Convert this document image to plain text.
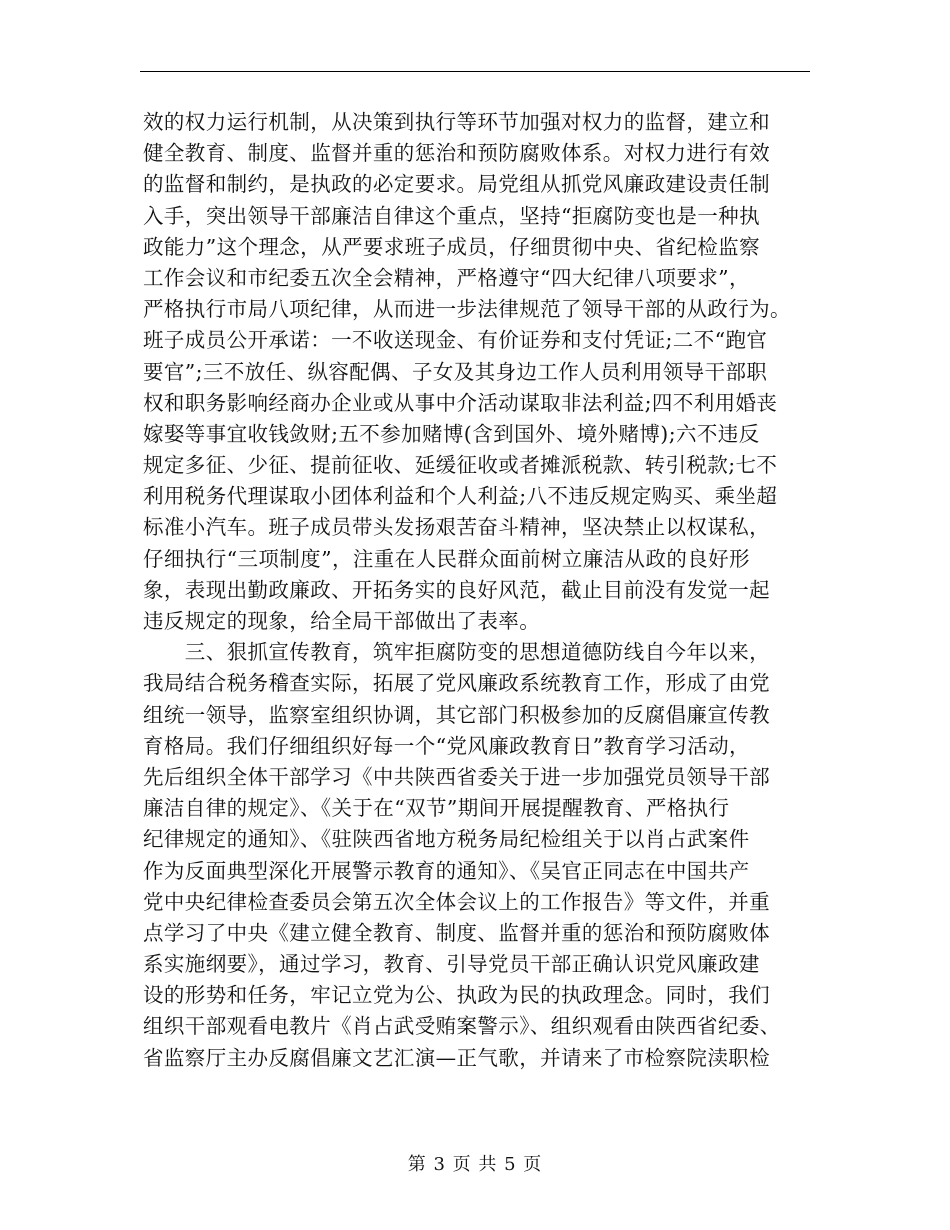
效的权力运行机制，从决策到执行等环节加强对权力的监督，建立和
健全教育、制度、监督并重的惩治和预防腐败体系。对权力进行有效
的监督和制约，是执政的必定要求。局党组从抓党风廉政建设责任制
入手，突出领导干部廉洁自律这个重点，坚持“拒腐防变也是一种执
政能力”这个理念，从严要求班子成员，仔细贯彻中央、省纪检监察
工作会议和市纪委五次全会精神，严格遵守“四大纪律八项要求”，
严格执行市局八项纪律，从而进一步法律规范了领导干部的从政行为。
班子成员公开承诺：一不收送现金、有价证券和支付凭证;二不“跑官
要官”;三不放任、纵容配偶、子女及其身边工作人员利用领导干部职
权和职务影响经商办企业或从事中介活动谋取非法利益;四不利用婚丧
嫁娶等事宜收钱敛财;五不参加赌博(含到国外、境外赌博);六不违反
规定多征、少征、提前征收、延缓征收或者摊派税款、转引税款;七不
利用税务代理谋取小团体利益和个人利益;八不违反规定购买、乘坐超
标准小汽车。班子成员带头发扬艰苦奋斗精神，坚决禁止以权谋私，
仔细执行“三项制度”，注重在人民群众面前树立廉洁从政的良好形
象，表现出勤政廉政、开拓务实的良好风范，截止目前没有发觉一起
违反规定的现象，给全局干部做出了表率。
　　三、狠抓宣传教育，筑牢拒腐防变的思想道德防线自今年以来，
我局结合税务稽查实际，拓展了党风廉政系统教育工作，形成了由党
组统一领导，监察室组织协调，其它部门积极参加的反腐倡廉宣传教
育格局。我们仔细组织好每一个“党风廉政教育日”教育学习活动，
先后组织全体干部学习《中共陕西省委关于进一步加强党员领导干部
廉洁自律的规定》、《关于在“双节”期间开展提醒教育、严格执行
纪律规定的通知》、《驻陕西省地方税务局纪检组关于以肖占武案件
作为反面典型深化开展警示教育的通知》、《吴官正同志在中国共产
党中央纪律检查委员会第五次全体会议上的工作报告》等文件，并重
点学习了中央《建立健全教育、制度、监督并重的惩治和预防腐败体
系实施纲要》，通过学习，教育、引导党员干部正确认识党风廉政建
设的形势和任务，牢记立党为公、执政为民的执政理念。同时，我们
组织干部观看电教片《肖占武受贿案警示》、组织观看由陕西省纪委、
省监察厅主办反腐倡廉文艺汇演—正气歌，并请来了市检察院渎职检
第 3 页 共 5 页
